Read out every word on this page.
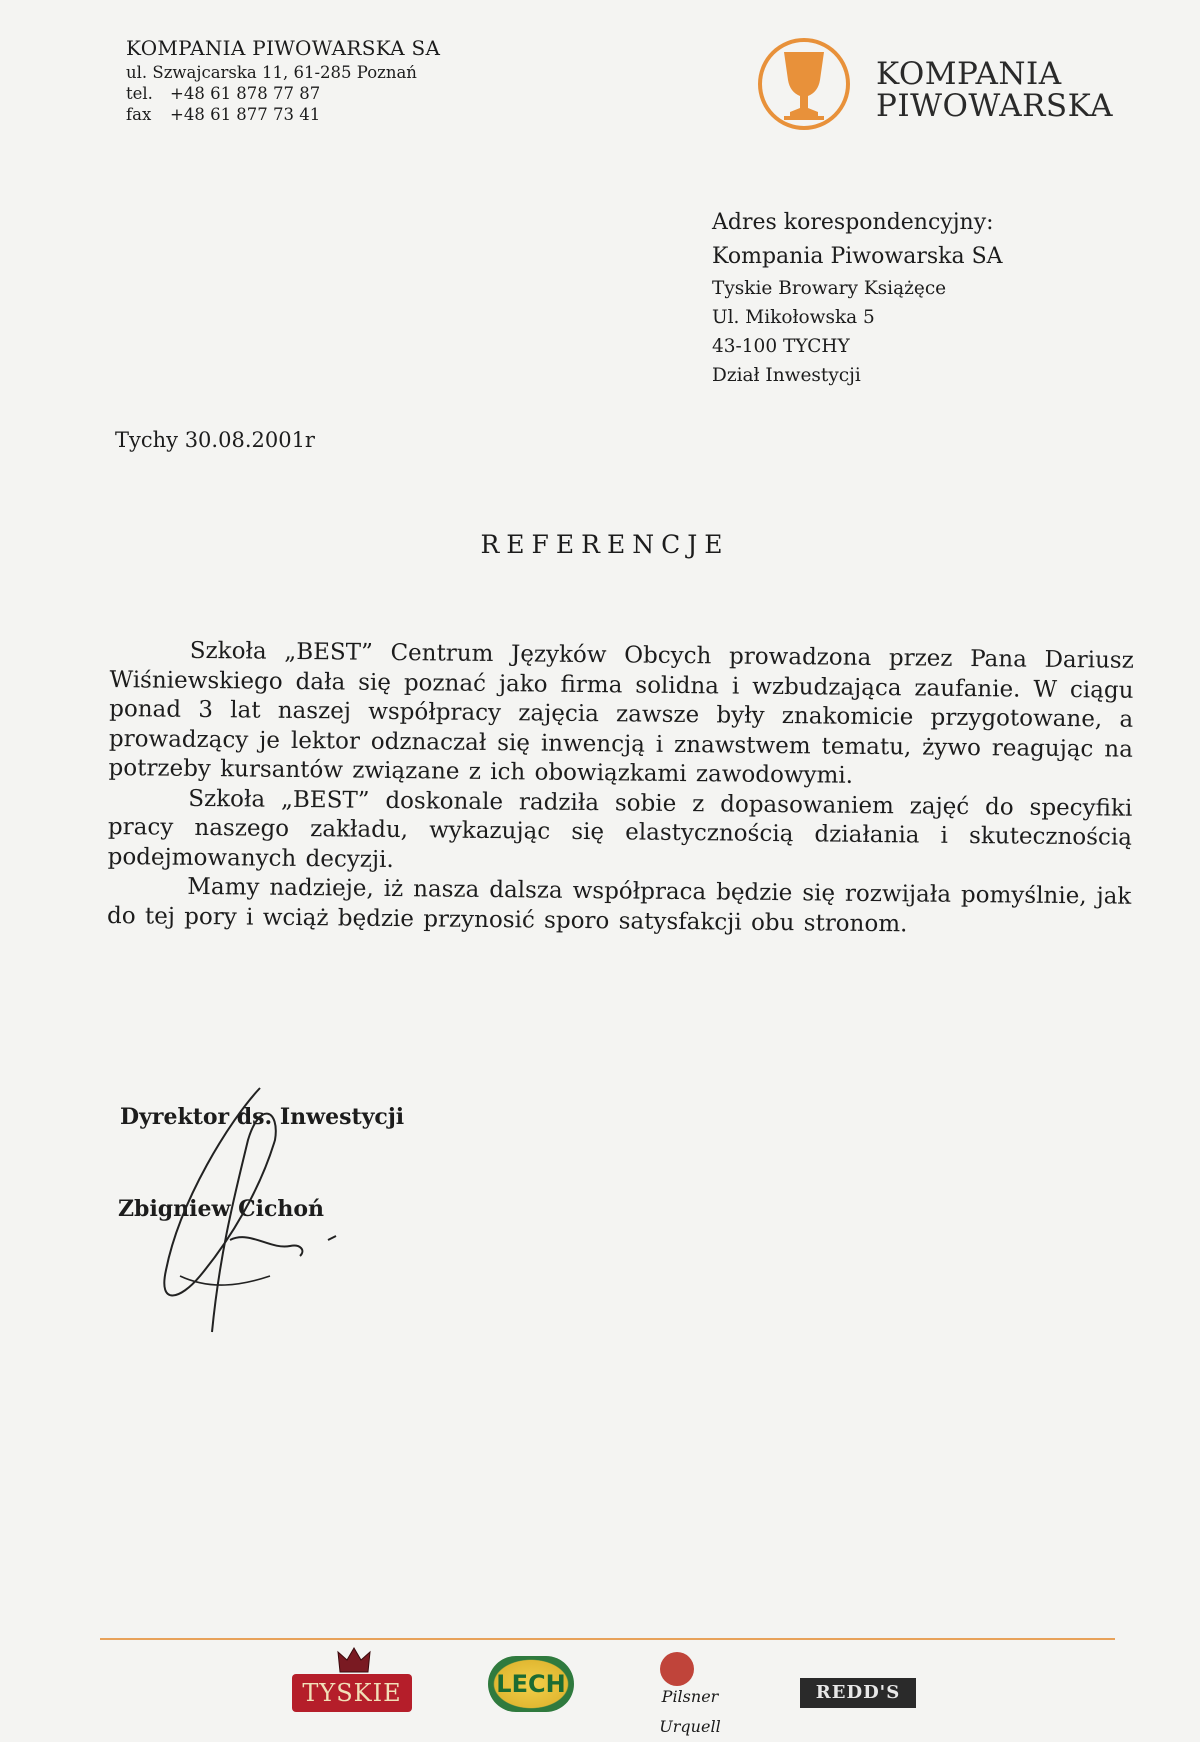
KOMPANIA PIWOWARSKA SA
ul. Szwajcarska 11, 61-285 Poznań
tel. +48 61 878 77 87
fax +48 61 877 73 41
KOMPANIA
PIWOWARSKA
Adres korespondencyjny:
Kompania Piwowarska SA
Tyskie Browary Książęce
Ul. Mikołowska 5
43-100 TYCHY
Dział Inwestycji
Tychy 30.08.2001r
REFERENCJE

Szkoła „BEST” Centrum Języków Obcych prowadzona przez Pana Dariusz Wiśniewskiego dała się poznać jako firma solidna i wzbudzająca zaufanie. W ciągu ponad 3 lat naszej współpracy zajęcia zawsze były znakomicie przygotowane, a prowadzący je lektor odznaczał się inwencją i znawstwem tematu, żywo reagując na potrzeby kursantów związane z ich obowiązkami zawodowymi.

Szkoła „BEST” doskonale radziła sobie z dopasowaniem zajęć do specyfiki pracy naszego zakładu, wykazując się elastycznością działania i skutecznością podejmowanych decyzji.

Mamy nadzieje, iż nasza dalsza współpraca będzie się rozwijała pomyślnie, jak do tej pory i wciąż będzie przynosić sporo satysfakcji obu stronom.

Dyrektor ds. Inwestycji
Zbigniew Cichoń
TYSKIE	LECH	Pilsner Urquell
REDD'S
